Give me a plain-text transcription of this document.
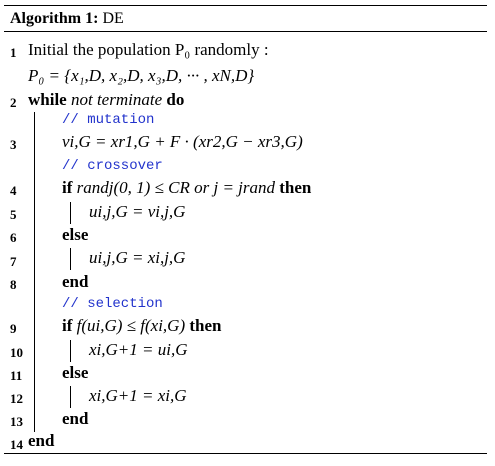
Algorithm 1: DE
1 Initial the population P₀ randomly :
P₀ = {x₁,D, x₂,D, x₃,D, ··· , xN,D}
2 while not terminate do
// mutation
3	vi,G = xr1,G + F · (xr2,G − xr3,G)
// crossover
4	if randj(0, 1) ≤ CR or j = jrand then
5	ui,j,G = vi,j,G
6	else
7	ui,j,G = xi,j,G
8	end
// selection
9	if f(ui,G) ≤ f(xi,G) then
10	xi,G+1 = ui,G
11 else
12	xi,G+1 = xi,G
13 end
14 end
